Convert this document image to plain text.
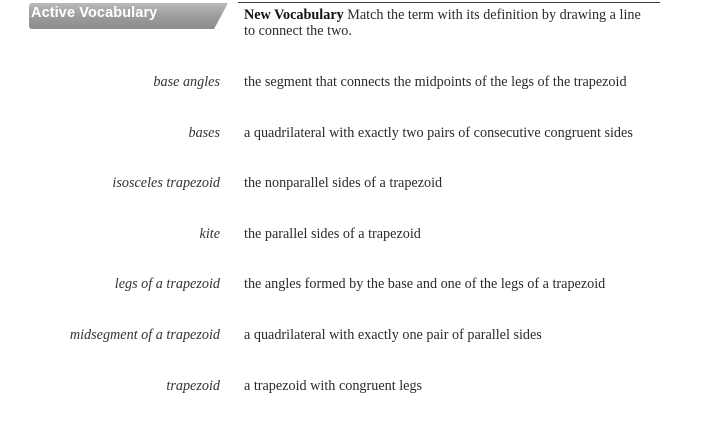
Active Vocabulary	New Vocabulary Match the term with its definition by drawing a line to connect the two.
base angles
bases
isosceles trapezoid
kite
legs of a trapezoid
midsegment of a trapezoid
trapezoid
the segment that connects the midpoints of the legs of the trapezoid
a quadrilateral with exactly two pairs of consecutive congruent sides
the nonparallel sides of a trapezoid
the parallel sides of a trapezoid
the angles formed by the base and one of the legs of a trapezoid
a quadrilateral with exactly one pair of parallel sides
a trapezoid with congruent legs
